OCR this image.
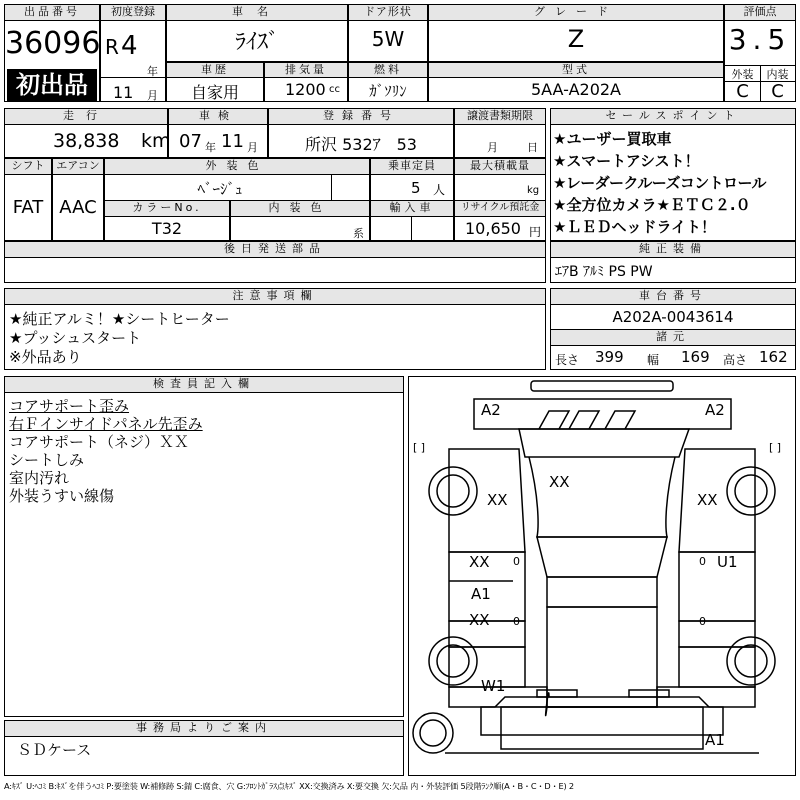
出品番号
36096
初出品
初度登録
R 4
年
11 月
車名
ﾗｲｽﾞ
ドア形状
5W
グレード
Z
評価点
3.5
外装	内装
C	C
車歴
自家用
排気量
1200 cc
燃料
ｶﾞｿﾘﾝ
型式
5AA-A202A
走行
38,838 km
車検
07 年 11 月
登録番号
所沢 532ｱ　53
譲渡書類期限
月	日
シフト
FAT
エアコン
AAC
外装色
ﾍﾞｰｼﾞｭ
乗車定員
5 人
最大積載量
kg
カラーNo.
T32
内装色
系
輸入車	リサイクル預託金
10,650 円
後日発送部品
セールスポイント
★ユーザー買取車
★スマートアシスト！
★レーダークルーズコントロール
★全方位カメラ★ＥＴＣ２.０
★ＬＥＤヘッドライト！
純正装備
ｴｱB ｱﾙﾐ PS PW
注意事項欄
★純正アルミ！★シートヒーター
★プッシュスタート
※外品あり
車台番号
A202A-0043614
諸元
長さ 399 幅 169 高さ 162
検査員記入欄
コアサポート歪み
右Ｆインサイドパネル先歪み
コアサポート（ネジ）ＸＸ
シートしみ
室内汚れ
外装うすい線傷
事務局よりご案内
ＳＤケース
A2	A2
XX
XX	XX
XX	U1
A1
XX
W1
A1
0
0
0
0
[ ]	[ ]
A:ｷｽﾞ U:ﾍｺﾐ B:ｷｽﾞを伴うﾍｺﾐ P:要塗装 W:補修跡 S:錆 C:腐食、穴 G:ﾌﾛﾝﾄｶﾞﾗｽ点ｷｽﾞ XX:交換済み X:要交換 欠:欠品 内・外装評価 5段階ﾗﾝｸ順(A・B・C・D・E) 2
